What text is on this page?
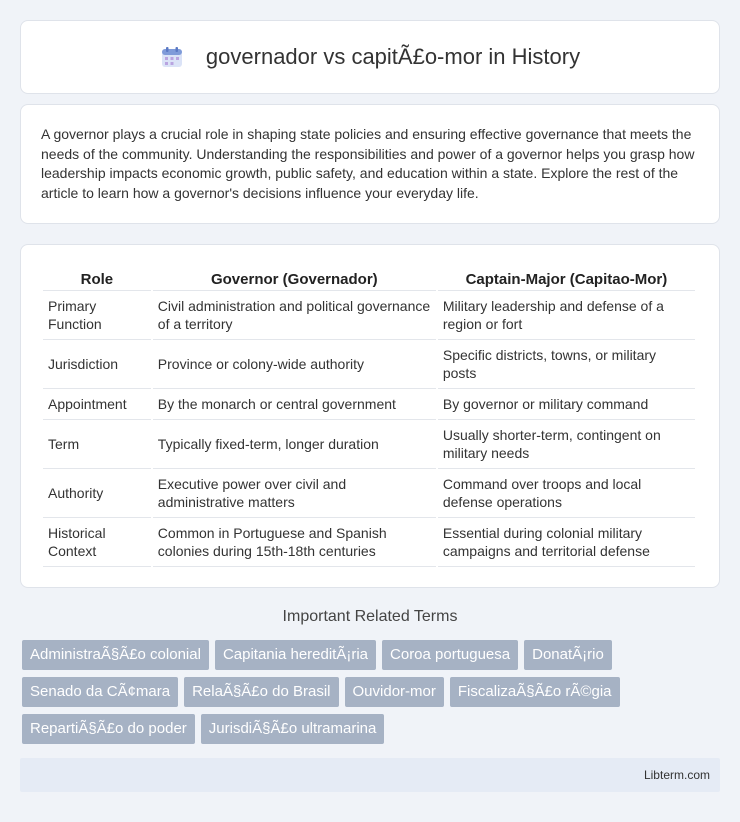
governador vs capitÃ£o-mor in History

A governor plays a crucial role in shaping state policies and ensuring effective governance that meets the needs of the community. Understanding the responsibilities and power of a governor helps you grasp how leadership impacts economic growth, public safety, and education within a state. Explore the rest of the article to learn how a governor's decisions influence your everyday life.

Role	Governor (Governador)	Captain-Major (Capitao-Mor)
Primary Function	Civil administration and political governance of a territory	Military leadership and defense of a region or fort
Jurisdiction	Province or colony-wide authority	Specific districts, towns, or military posts
Appointment	By the monarch or central government	By governor or military command
Term	Typically fixed-term, longer duration	Usually shorter-term, contingent on military needs
Authority	Executive power over civil and administrative matters	Command over troops and local defense operations
Historical Context	Common in Portuguese and Spanish colonies during 15th-18th centuries	Essential during colonial military campaigns and territorial defense
Important Related Terms
AdministraÃ§Ã£o colonial	Capitania hereditÃ¡ria	Coroa portuguesa	DonatÃ¡rio
Senado da CÃ¢mara	RelaÃ§Ã£o do Brasil	Ouvidor-mor	FiscalizaÃ§Ã£o rÃ©gia
RepartiÃ§Ã£o do poder	JurisdiÃ§Ã£o ultramarina
Libterm.com
